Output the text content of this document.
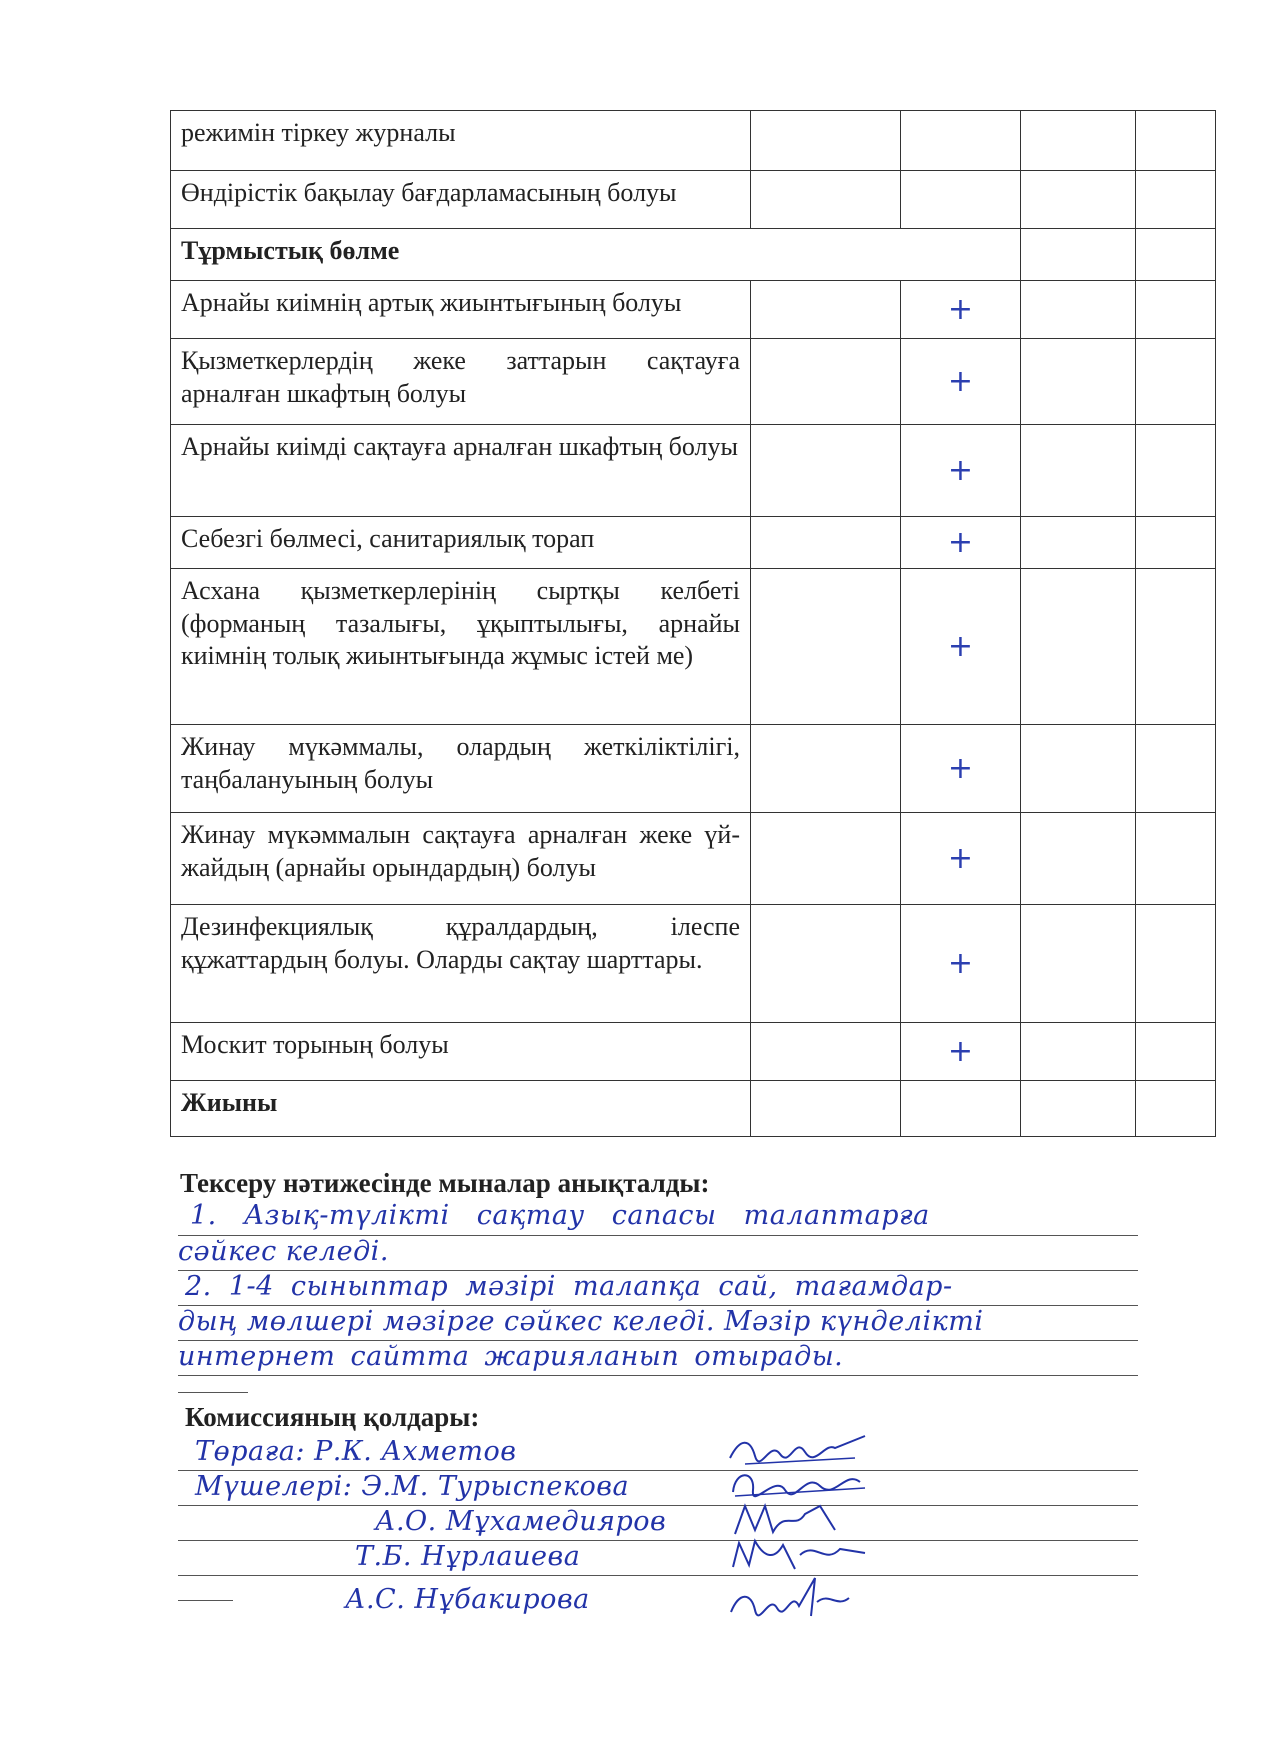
режимін тіркеу журналы				
Өндірістік бақылау бағдарламасының болуы				
Тұрмыстық бөлме				
Арнайы киімнің артық жиынтығының болуы		+		
Қызметкерлердің жеке заттарын сақтауға арналған шкафтың болуы		+		
Арнайы киімді сақтауға арналған шкафтың болуы		+		
Себезгі бөлмесі, санитариялық торап		+		
Асхана қызметкерлерінің сыртқы келбеті (форманың тазалығы, ұқыптылығы, арнайы киімнің толық жиынтығында жұмыс істей ме)		+		
Жинау мүкәммалы, олардың жеткіліктілігі, таңбалануының болуы		+		
Жинау мүкәммалын сақтауға арналған жеке үй-жайдың (арнайы орындардың) болуы		+		
Дезинфекциялық құралдардың, ілеспе құжаттардың болуы. Оларды сақтау шарттары.		+		
Москит торының болуы		+		
Жиыны				
Тексеру нәтижесінде мыналар анықталды:
1. Азық-түлікті сақтау сапасы талаптарға
сәйкес келеді.
2. 1-4 сыныптар мәзірі талапқа сай, тағамдар-
дың мөлшері мәзірге сәйкес келеді. Мәзір күнделікті
интернет сайтта жарияланып отырады.
Комиссияның қолдары:
Төраға: Р.К. Ахметов
Мүшелері: Э.М. Турыспекова
А.О. Мұхамедияров
Т.Б. Нұрлаиева
А.С. Нұбакирова
